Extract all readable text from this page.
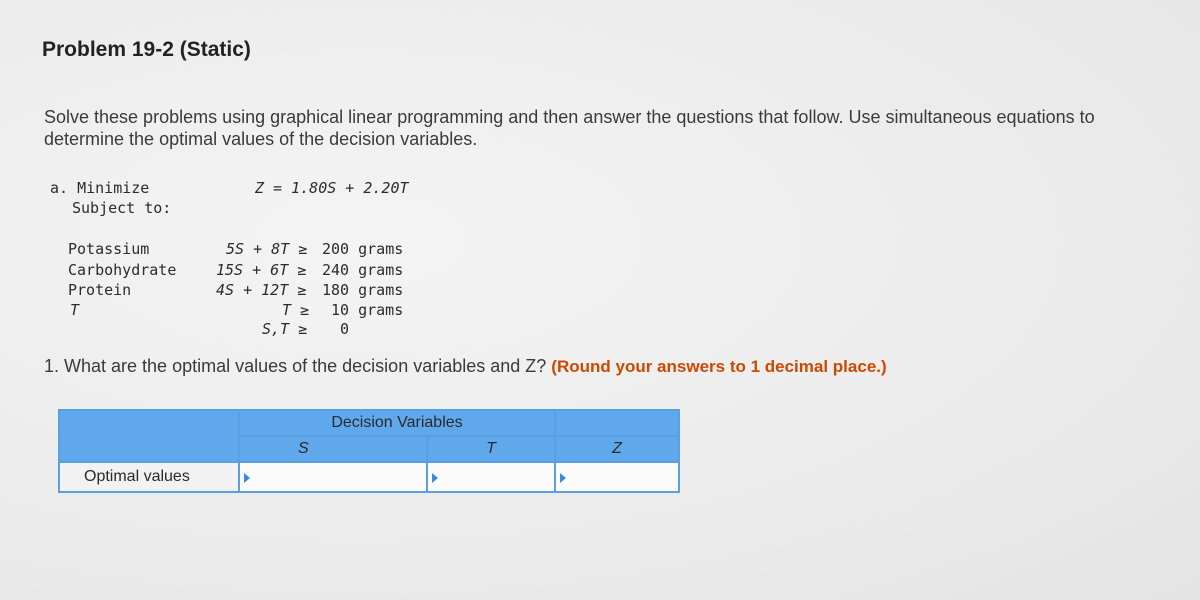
Problem 19-2 (Static)
Solve these problems using graphical linear programming and then answer the questions that follow. Use simultaneous equations to
determine the optimal values of the decision variables.
a. Minimize	Z = 1.80S + 2.20T
Subject to:
Potassium	5S + 8T ≥ 200 grams
Carbohydrate	15S + 6T ≥ 240 grams
Protein	4S + 12T ≥ 180 grams
T	T ≥ 10 grams
S,T ≥ 0
1. What are the optimal values of the decision variables and Z? (Round your answers to 1 decimal place.)
	Decision Variables		
	S	T	Z
Optimal values			
